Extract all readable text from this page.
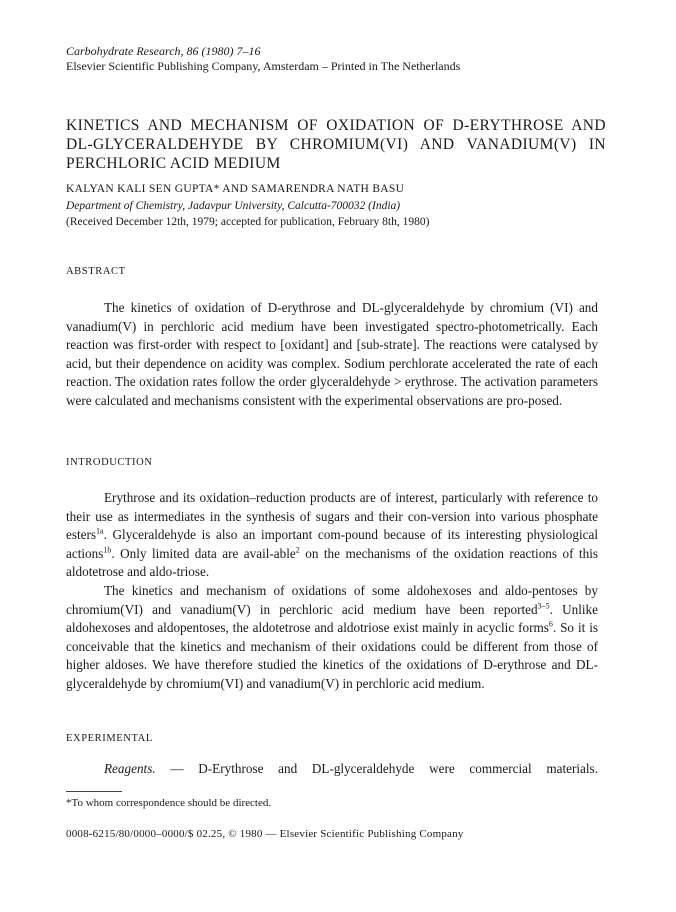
Carbohydrate Research, 86 (1980) 7–16
Elsevier Scientific Publishing Company, Amsterdam – Printed in The Netherlands
KINETICS AND MECHANISM OF OXIDATION OF D-ERYTHROSE AND
DL-GLYCERALDEHYDE BY CHROMIUM(VI) AND VANADIUM(V) IN
PERCHLORIC ACID MEDIUM
KALYAN KALI SEN GUPTA* AND SAMARENDRA NATH BASU
Department of Chemistry, Jadavpur University, Calcutta-700032 (India)
(Received December 12th, 1979; accepted for publication, February 8th, 1980)
ABSTRACT

The kinetics of oxidation of D-erythrose and DL-glyceraldehyde by chromium (VI) and vanadium(V) in perchloric acid medium have been investigated spectro-photometrically. Each reaction was first-order with respect to [oxidant] and [sub-strate]. The reactions were catalysed by acid, but their dependence on acidity was complex. Sodium perchlorate accelerated the rate of each reaction. The oxidation rates follow the order glyceraldehyde > erythrose. The activation parameters were calculated and mechanisms consistent with the experimental observations are pro-posed.

INTRODUCTION

Erythrose and its oxidation–reduction products are of interest, particularly with reference to their use as intermediates in the synthesis of sugars and their con-version into various phosphate esters$^{1a}$. Glyceraldehyde is also an important com-pound because of its interesting physiological actions$^{1b}$. Only limited data are avail-able$^2$ on the mechanisms of the oxidation reactions of this aldotetrose and aldo-triose.

The kinetics and mechanism of oxidations of some aldohexoses and aldo-pentoses by chromium(VI) and vanadium(V) in perchloric acid medium have been reported$^{3-5}$. Unlike aldohexoses and aldopentoses, the aldotetrose and aldotriose exist mainly in acyclic forms$^6$. So it is conceivable that the kinetics and mechanism of their oxidations could be different from those of higher aldoses. We have therefore studied the kinetics of the oxidations of D-erythrose and DL-glyceraldehyde by chromium(VI) and vanadium(V) in perchloric acid medium.

EXPERIMENTAL
Reagents. — D-Erythrose and DL-glyceraldehyde were commercial materials.
*To whom correspondence should be directed.
0008-6215/80/0000–0000/$ 02.25, © 1980 — Elsevier Scientific Publishing Company
